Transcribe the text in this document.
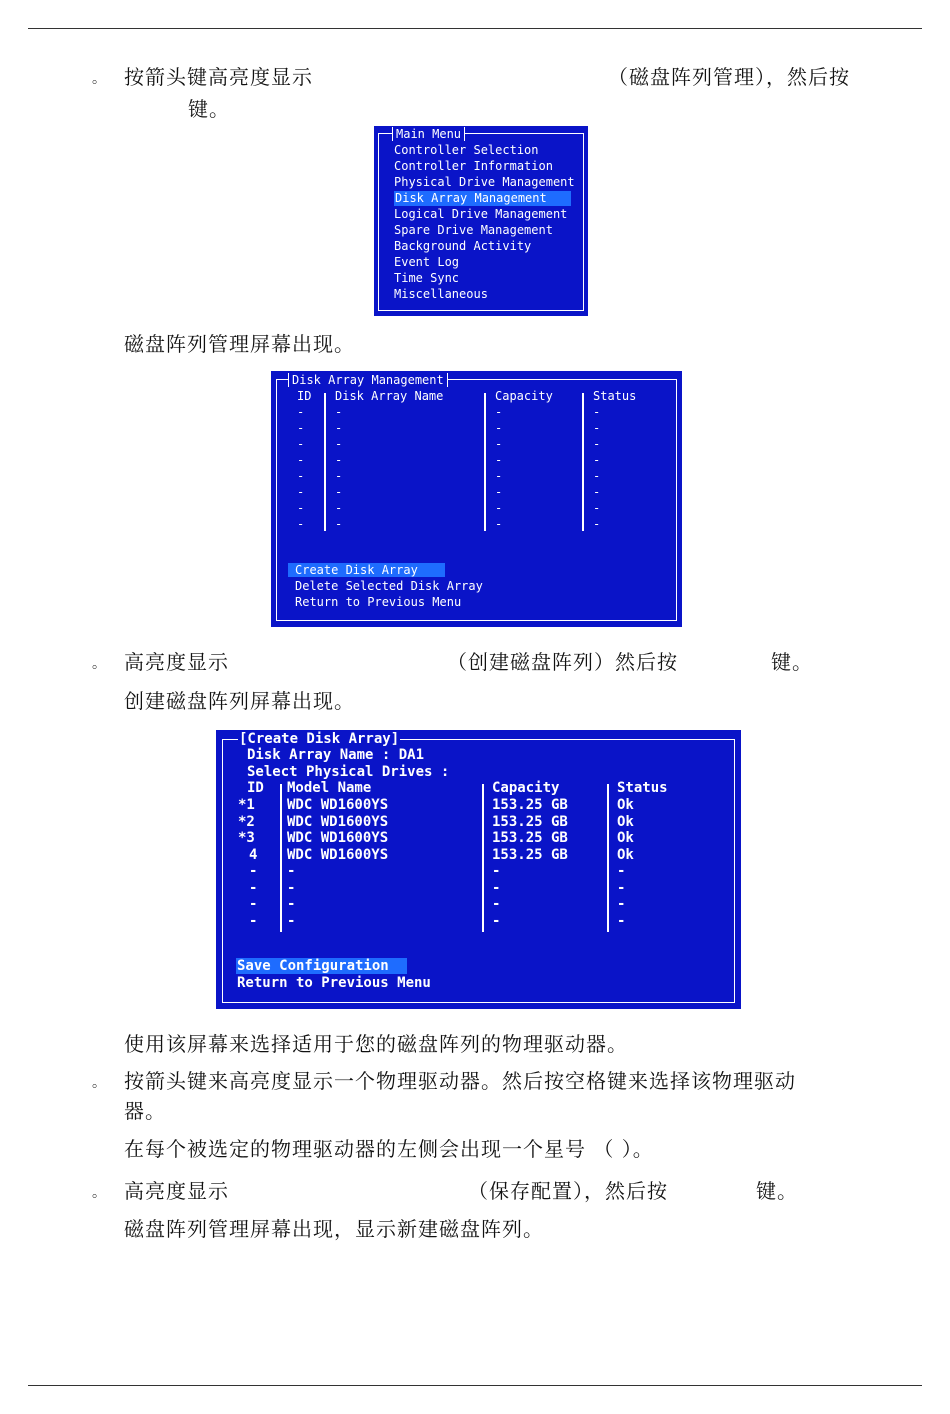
。 按箭头键高亮度显示	（磁盘阵列管理），然后按
键。
Main Menu
Controller Selection
Controller Information
Physical Drive Management
Disk Array Management
Logical Drive Management
Spare Drive Management
Background Activity
Event Log
Time Sync
Miscellaneous
磁盘阵列管理屏幕出现。
Disk Array Management
ID Disk Array Name	Capacity	Status
-	-	-	-
-	-	-	-
-	-	-	-
-	-	-	-
-	-	-	-
-	-	-	-
-	-	-	-
-	-	-	-
Create Disk Array
Delete Selected Disk Array
Return to Previous Menu
。 高亮度显示	（创建磁盘阵列）然后按	键。
创建磁盘阵列屏幕出现。
[Create Disk Array]
Disk Array Name : DA1
Select Physical Drives :
ID Model Name	Capacity	Status
*1 WDC WD1600YS	153.25 GB	Ok
*2 WDC WD1600YS	153.25 GB	Ok
*3 WDC WD1600YS	153.25 GB	Ok
4 WDC WD1600YS	153.25 GB	Ok
- -	-	-
- -	-	-
- -	-	-
- -	-	-
Save Configuration
Return to Previous Menu
使用该屏幕来选择适用于您的磁盘阵列的物理驱动器。
。 按箭头键来高亮度显示一个物理驱动器。然后按空格键来选择该物理驱动
器。
在每个被选定的物理驱动器的左侧会出现一个星号 （ ）。
。 高亮度显示	（保存配置），然后按	键。
磁盘阵列管理屏幕出现，显示新建磁盘阵列。
